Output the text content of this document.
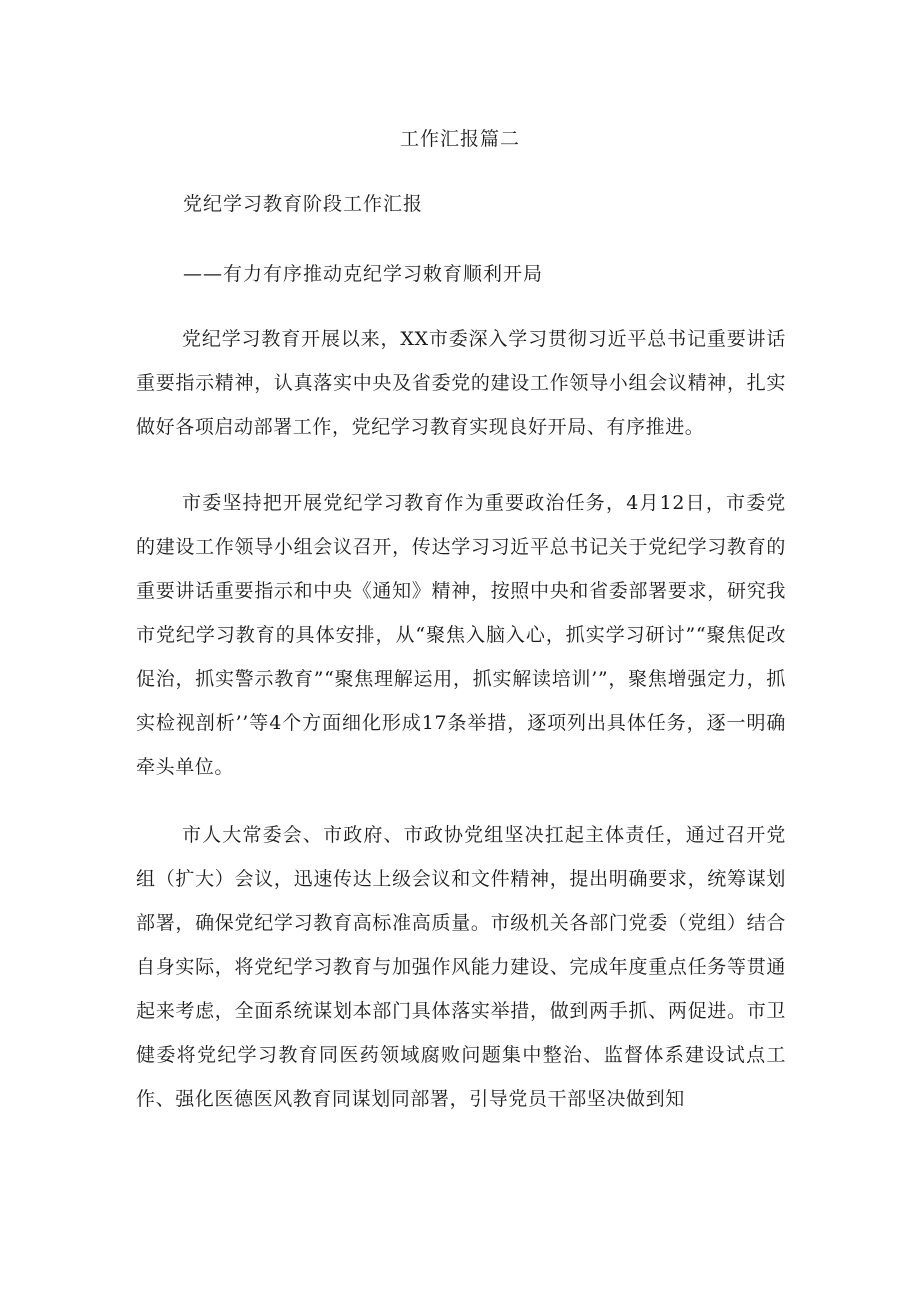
工作汇报篇二
党纪学习教育阶段工作汇报
——有力有序推动克纪学习敕育顺利开局

党纪学习教育开展以来，XX市委深入学习贯彻习近平总书记重要讲话重要指示精神，认真落实中央及省委党的建设工作领导小组会议精神，扎实做好各项启动部署工作，党纪学习教育实现良好开局、有序推进。

市委坚持把开展党纪学习教育作为重要政治任务，4月12日，市委党的建设工作领导小组会议召开，传达学习习近平总书记关于党纪学习教育的重要讲话重要指示和中央《通知》精神，按照中央和省委部署要求，研究我市党纪学习教育的具体安排，从“聚焦入脑入心，抓实学习研讨”“聚焦促改促治，抓实警示教育”“聚焦理解运用，抓实解读培训’”，聚焦增强定力，抓实检视剖析’’等4个方面细化形成17条举措，逐项列出具体任务，逐一明确牵头单位。

市人大常委会、市政府、市政协党组坚决扛起主体责任，通过召开党组（扩大）会议，迅速传达上级会议和文件精神，提出明确要求，统筹谋划部署，确保党纪学习教育高标准高质量。市级机关各部门党委（党组）结合自身实际，将党纪学习教育与加强作风能力建设、完成年度重点任务等贯通起来考虑，全面系统谋划本部门具体落实举措，做到两手抓、两促进。市卫健委将党纪学习教育同医药领域腐败问题集中整治、监督体系建设试点工作、强化医德医风教育同谋划同部署，引导党员干部坚决做到知
